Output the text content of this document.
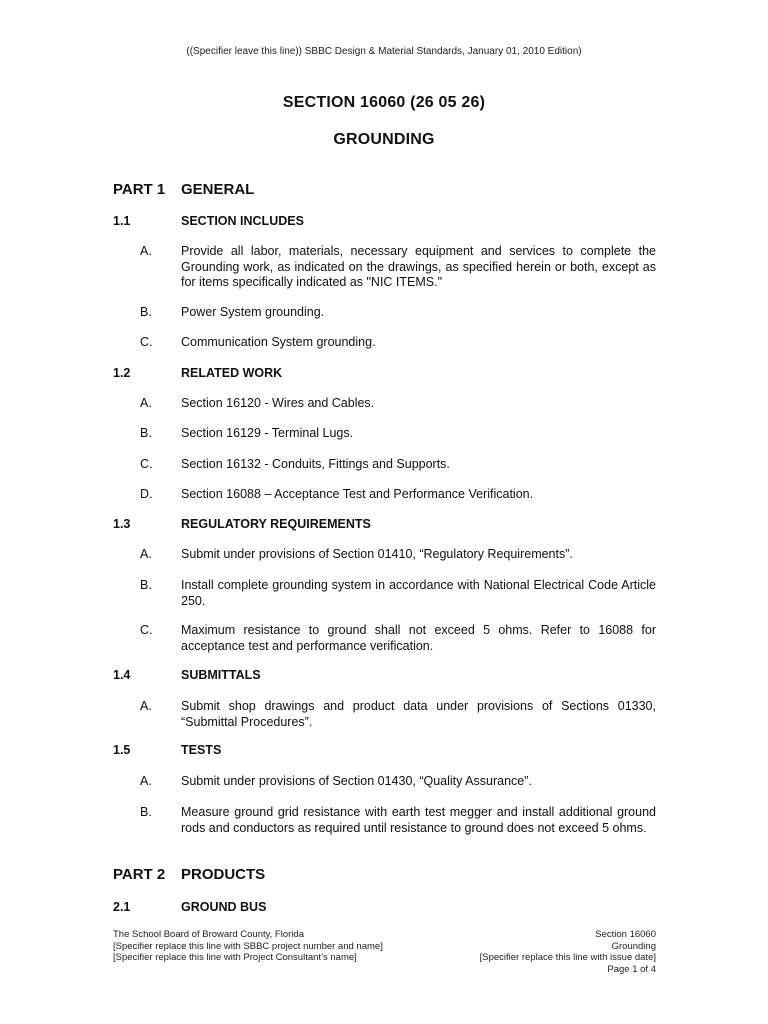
((Specifier leave this line)) SBBC Design & Material Standards, January 01, 2010 Edition)
SECTION 16060 (26 05 26)
GROUNDING
PART 1 GENERAL
1.1	SECTION INCLUDES
A.	Provide all labor, materials, necessary equipment and services to complete the Grounding work, as indicated on the drawings, as specified herein or both, except as for items specifically indicated as "NIC ITEMS."
B.	Power System grounding.
C.	Communication System grounding.
1.2	RELATED WORK
A.	Section 16120 - Wires and Cables.
B.	Section 16129 - Terminal Lugs.
C.	Section 16132 - Conduits, Fittings and Supports.
D.	Section 16088 – Acceptance Test and Performance Verification.
1.3	REGULATORY REQUIREMENTS
A.	Submit under provisions of Section 01410, “Regulatory Requirements”.
B.	Install complete grounding system in accordance with National Electrical Code Article 250.
C.	Maximum resistance to ground shall not exceed 5 ohms. Refer to 16088 for acceptance test and performance verification.
1.4	SUBMITTALS
A.	Submit shop drawings and product data under provisions of Sections 01330, “Submittal Procedures”.
1.5	TESTS
A.	Submit under provisions of Section 01430, “Quality Assurance”.
B.	Measure ground grid resistance with earth test megger and install additional ground rods and conductors as required until resistance to ground does not exceed 5 ohms.
PART 2 PRODUCTS
2.1	GROUND BUS
The School Board of Broward County, Florida
[Specifier replace this line with SBBC project number and name]
[Specifier replace this line with Project Consultant’s name]
Section 16060
Grounding
[Specifier replace this line with issue date]
Page 1 of 4
